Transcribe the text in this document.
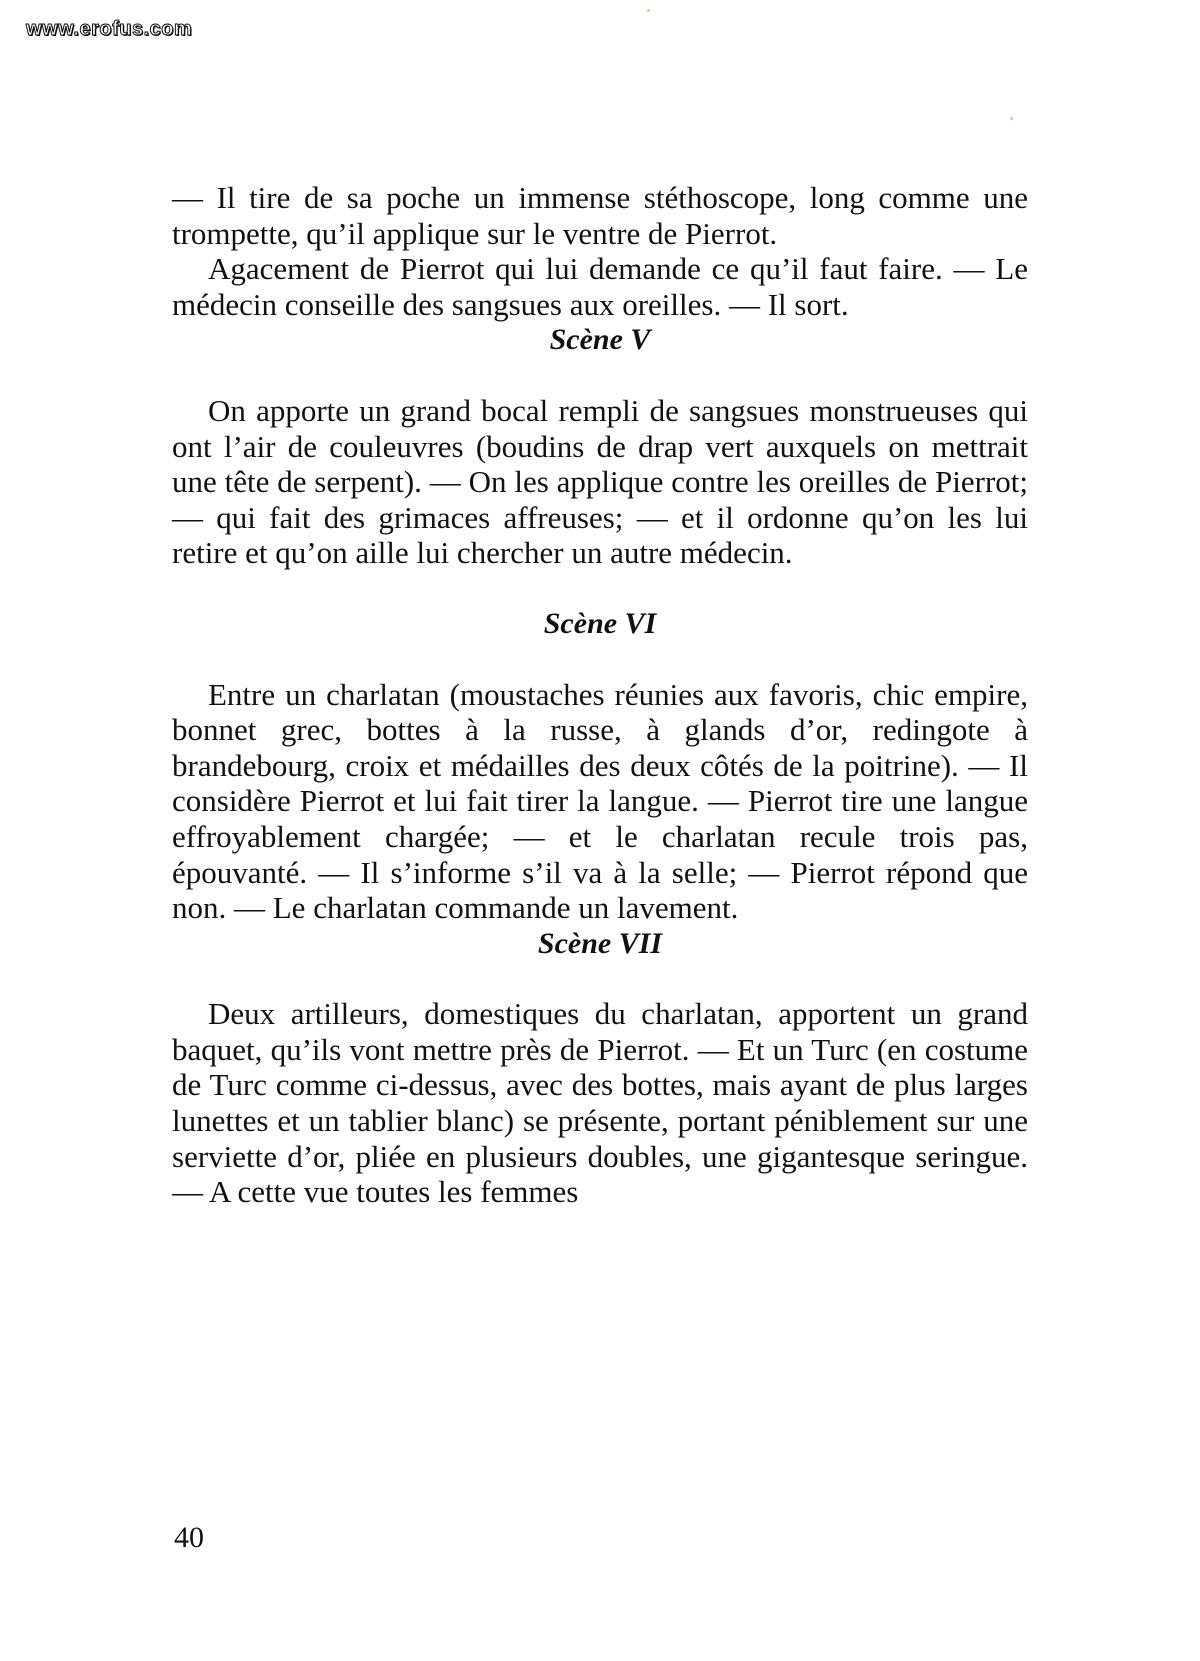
www.erofus.com

— Il tire de sa poche un immense stéthoscope, long comme une trompette, qu’il applique sur le ventre de Pierrot.

Agacement de Pierrot qui lui demande ce qu’il faut faire. — Le médecin conseille des sangsues aux oreilles. — Il sort.

Scène V

On apporte un grand bocal rempli de sangsues monstrueuses qui ont l’air de couleuvres (boudins de drap vert auxquels on mettrait une tête de serpent). — On les applique contre les oreilles de Pierrot; — qui fait des grimaces affreuses; — et il ordonne qu’on les lui retire et qu’on aille lui chercher un autre médecin.

Scène VI

Entre un charlatan (moustaches réunies aux favoris, chic empire, bonnet grec, bottes à la russe, à glands d’or, redingote à brandebourg, croix et médailles des deux côtés de la poitrine). — Il considère Pierrot et lui fait tirer la langue. — Pierrot tire une langue effroyablement chargée; — et le charlatan recule trois pas, épouvanté. — Il s’informe s’il va à la selle; — Pierrot répond que non. — Le charlatan commande un lavement.

Scène VII

Deux artilleurs, domestiques du charlatan, apportent un grand baquet, qu’ils vont mettre près de Pierrot. — Et un Turc (en costume de Turc comme ci-dessus, avec des bottes, mais ayant de plus larges lunettes et un tablier blanc) se présente, portant péniblement sur une serviette d’or, pliée en plusieurs doubles, une gigantesque seringue. — A cette vue toutes les femmes

40
